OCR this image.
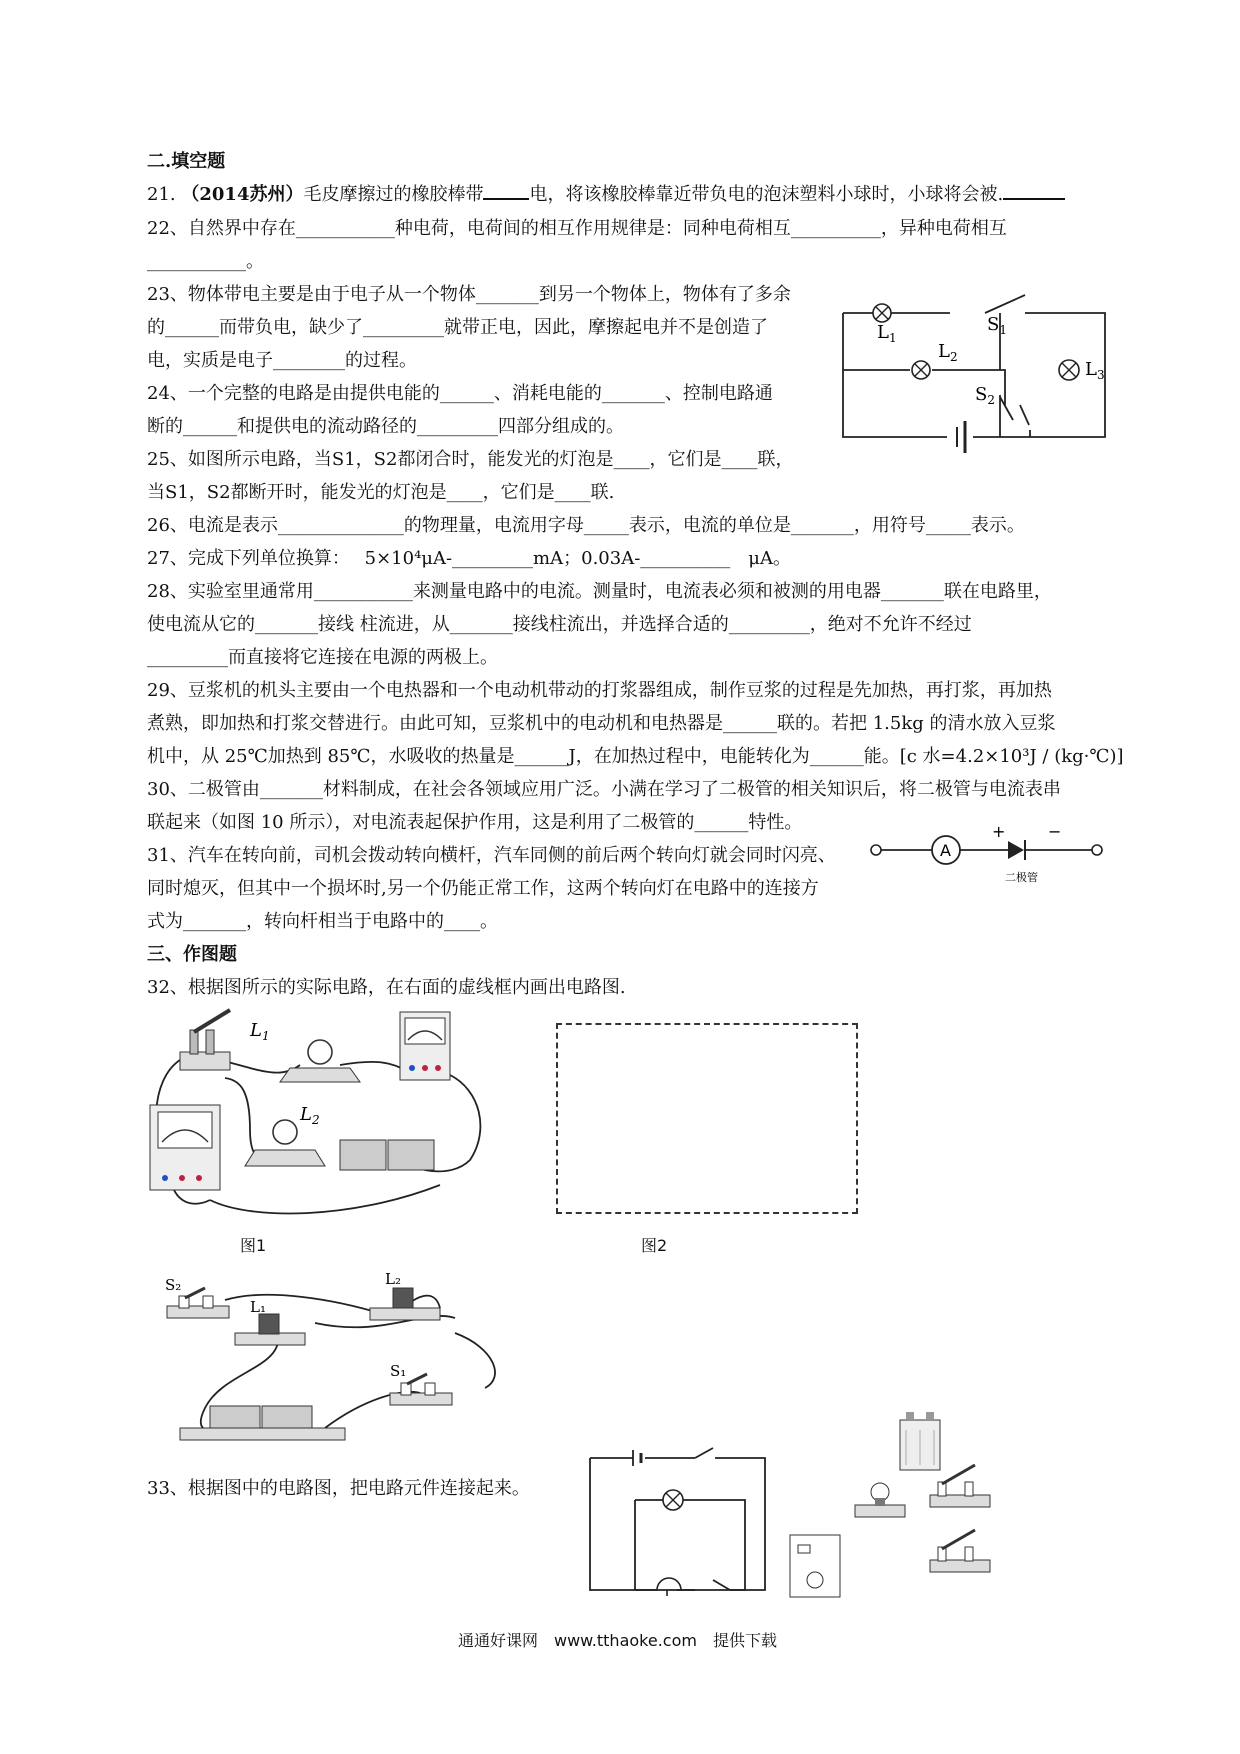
二.填空题
21. （2014苏州）毛皮摩擦过的橡胶棒带	电，将该橡胶棒靠近带负电的泡沫塑料小球时，小球将会被.
22、自然界中存在___________种电荷，电荷间的相互作用规律是：同种电荷相互__________，异种电荷相互
___________。
23、物体带电主要是由于电子从一个物体_______到另一个物体上，物体有了多余
的______而带负电，缺少了_________就带正电，因此，摩擦起电并不是创造了
电，实质是电子________的过程。
24、一个完整的电路是由提供电能的______、消耗电能的_______、控制电路通
断的______和提供电的流动路径的_________四部分组成的。
25、如图所示电路，当S1，S2都闭合时，能发光的灯泡是____，它们是____联，
当S1，S2都断开时，能发光的灯泡是____，它们是____联.
$L_1$
$S_1$
$L_2$
$L_3$
$S_2$
26、电流是表示______________的物理量，电流用字母_____表示，电流的单位是_______，用符号_____表示。
27、完成下列单位换算：　 5×10⁴μA-_________mA；0.03A-__________　μA。
28、实验室里通常用___________来测量电路中的电流。测量时，电流表必须和被测的用电器_______联在电路里，
使电流从它的_______接线 柱流进，从_______接线柱流出，并选择合适的_________，绝对不允许不经过
_________而直接将它连接在电源的两极上。
29、豆浆机的机头主要由一个电热器和一个电动机带动的打浆器组成，制作豆浆的过程是先加热，再打浆，再加热
煮熟，即加热和打浆交替进行。由此可知，豆浆机中的电动机和电热器是______联的。若把 1.5kg 的清水放入豆浆
机中，从 25℃加热到 85℃，水吸收的热量是______J，在加热过程中，电能转化为______能。[c 水=4.2×10³J / (kg·℃)]
30、二极管由_______材料制成，在社会各领域应用广泛。小满在学习了二极管的相关知识后，将二极管与电流表串
联起来（如图 10 所示），对电流表起保护作用，这是利用了二极管的______特性。
31、汽车在转向前，司机会拨动转向横杆，汽车同侧的前后两个转向灯就会同时闪亮、
同时熄灭，但其中一个损坏时,另一个仍能正常工作，这两个转向灯在电路中的连接方
式为_______，转向杆相当于电路中的____。
A
+	−
二极管
三、作图题
32、根据图所示的实际电路，在右面的虚线框内画出电路图.
$L_1$
$L_2$
图1	图2
S₂
L₁
L₂
S₁
33、根据图中的电路图，把电路元件连接起来。
通通好课网　www.tthaoke.com　提供下载
